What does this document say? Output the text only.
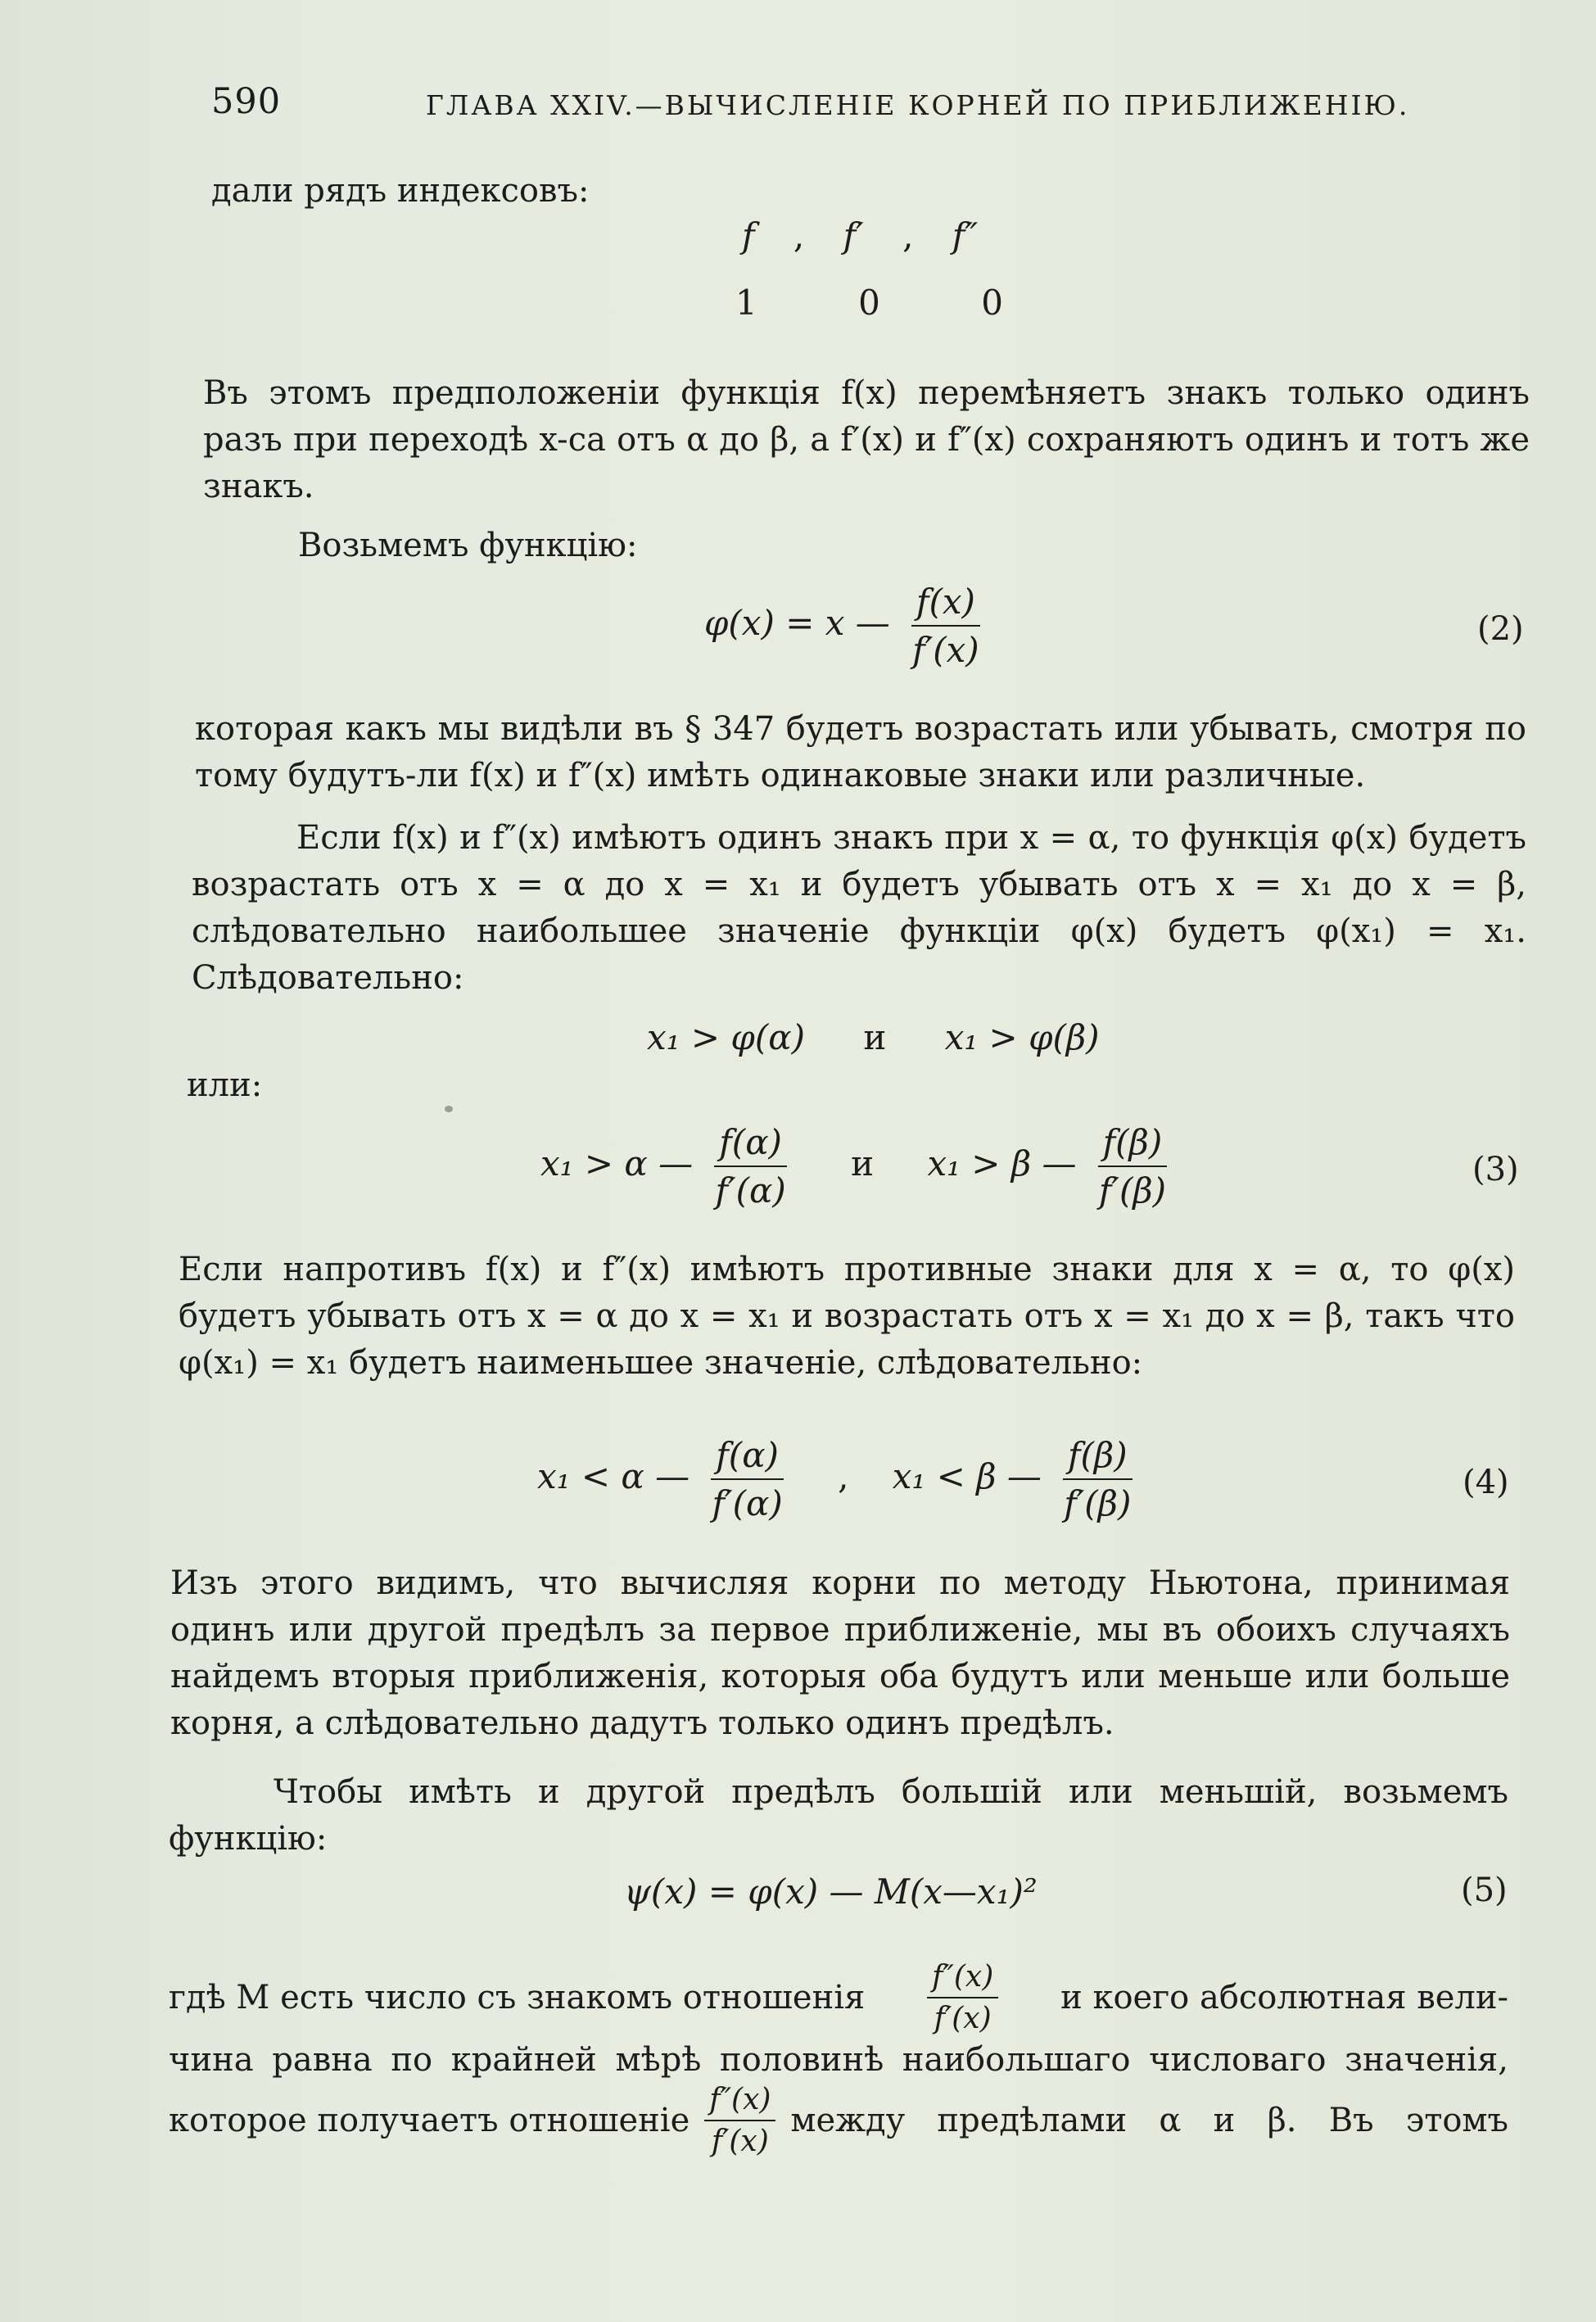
590	ГЛАВА XXIV.—ВЫЧИСЛЕНІЕ КОРНЕЙ ПО ПРИБЛИЖЕНІЮ.
дали рядъ индексовъ:
f , f′ , f″
1	0	0
Въ этомъ предположеніи функція f(x) перемѣняетъ знакъ только одинъ разъ при переходѣ x-са отъ α до β, а f′(x) и f″(x) сохраняютъ одинъ и тотъ же знакъ.
Возьмемъ функцію:
φ(x) = x — $\frac{f(x)}{f'(x)}$	(2)
которая какъ мы видѣли въ § 347 будетъ возрастать или убывать, смотря по тому будутъ-ли f(x) и f″(x) имѣть одинаковые знаки или различные.
Если f(x) и f″(x) имѣютъ одинъ знакъ при x = α, то функція φ(x) будетъ возрастать отъ x = α до x = x₁ и будетъ убывать отъ x = x₁ до x = β, слѣдовательно наибольшее значеніе функціи φ(x) будетъ φ(x₁) = x₁. Слѣдовательно:
x₁ > φ(α) и x₁ > φ(β)
или:
x₁ > α — $\frac{f(\alpha)}{f'(\alpha)}$ и x₁ > β — $\frac{f(\beta)}{f'(\beta)}$	(3)
Если напротивъ f(x) и f″(x) имѣютъ противные знаки для x = α, то φ(x) будетъ убывать отъ x = α до x = x₁ и возрастать отъ x = x₁ до x = β, такъ что φ(x₁) = x₁ будетъ наименьшее значеніе, слѣдовательно:
x₁ < α — $\frac{f(\alpha)}{f'(\alpha)}$ , x₁ < β — $\frac{f(\beta)}{f'(\beta)}$	(4)
Изъ этого видимъ, что вычисляя корни по методу Ньютона, принимая одинъ или другой предѣлъ за первое приближеніе, мы въ обоихъ случаяхъ найдемъ вторыя приближенія, которыя оба будутъ или меньше или больше корня, а слѣдовательно дадутъ только одинъ предѣлъ.
Чтобы имѣть и другой предѣлъ большій или меньшій, возьмемъ функцію:
ψ(x) = φ(x) — M(x—x₁)²	(5)
гдѣ M есть число съ знакомъ отношенія $\frac{f''(x)}{f'(x)}$ и коего абсолютная вели-
чина равна по крайней мѣрѣ половинѣ наибольшаго числоваго значенія,
которое получаетъ отношеніе $\frac{f''(x)}{f'(x)}$ между предѣлами α и β. Въ этомъ
